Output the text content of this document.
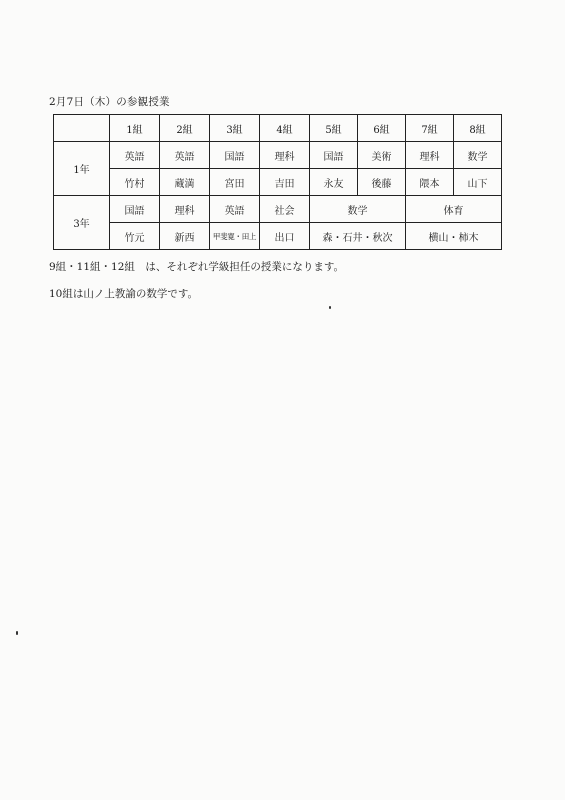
2月7日（木）の参観授業
	1組	2組	3組	4組	5組	6組	7組	8組
1年	英語	英語	国語	理科	国語	美術	理科	数学
	竹村	蔵満	宮田	吉田	永友	後藤	隈本	山下
3年	国語	理科	英語	社会	数学		体育	
	竹元	新西	甲斐寛・田上	出口	森・石井・秋次		横山・柿木	
9組・11組・12組　は、それぞれ学級担任の授業になります。
10組は山ノ上教諭の数学です。
